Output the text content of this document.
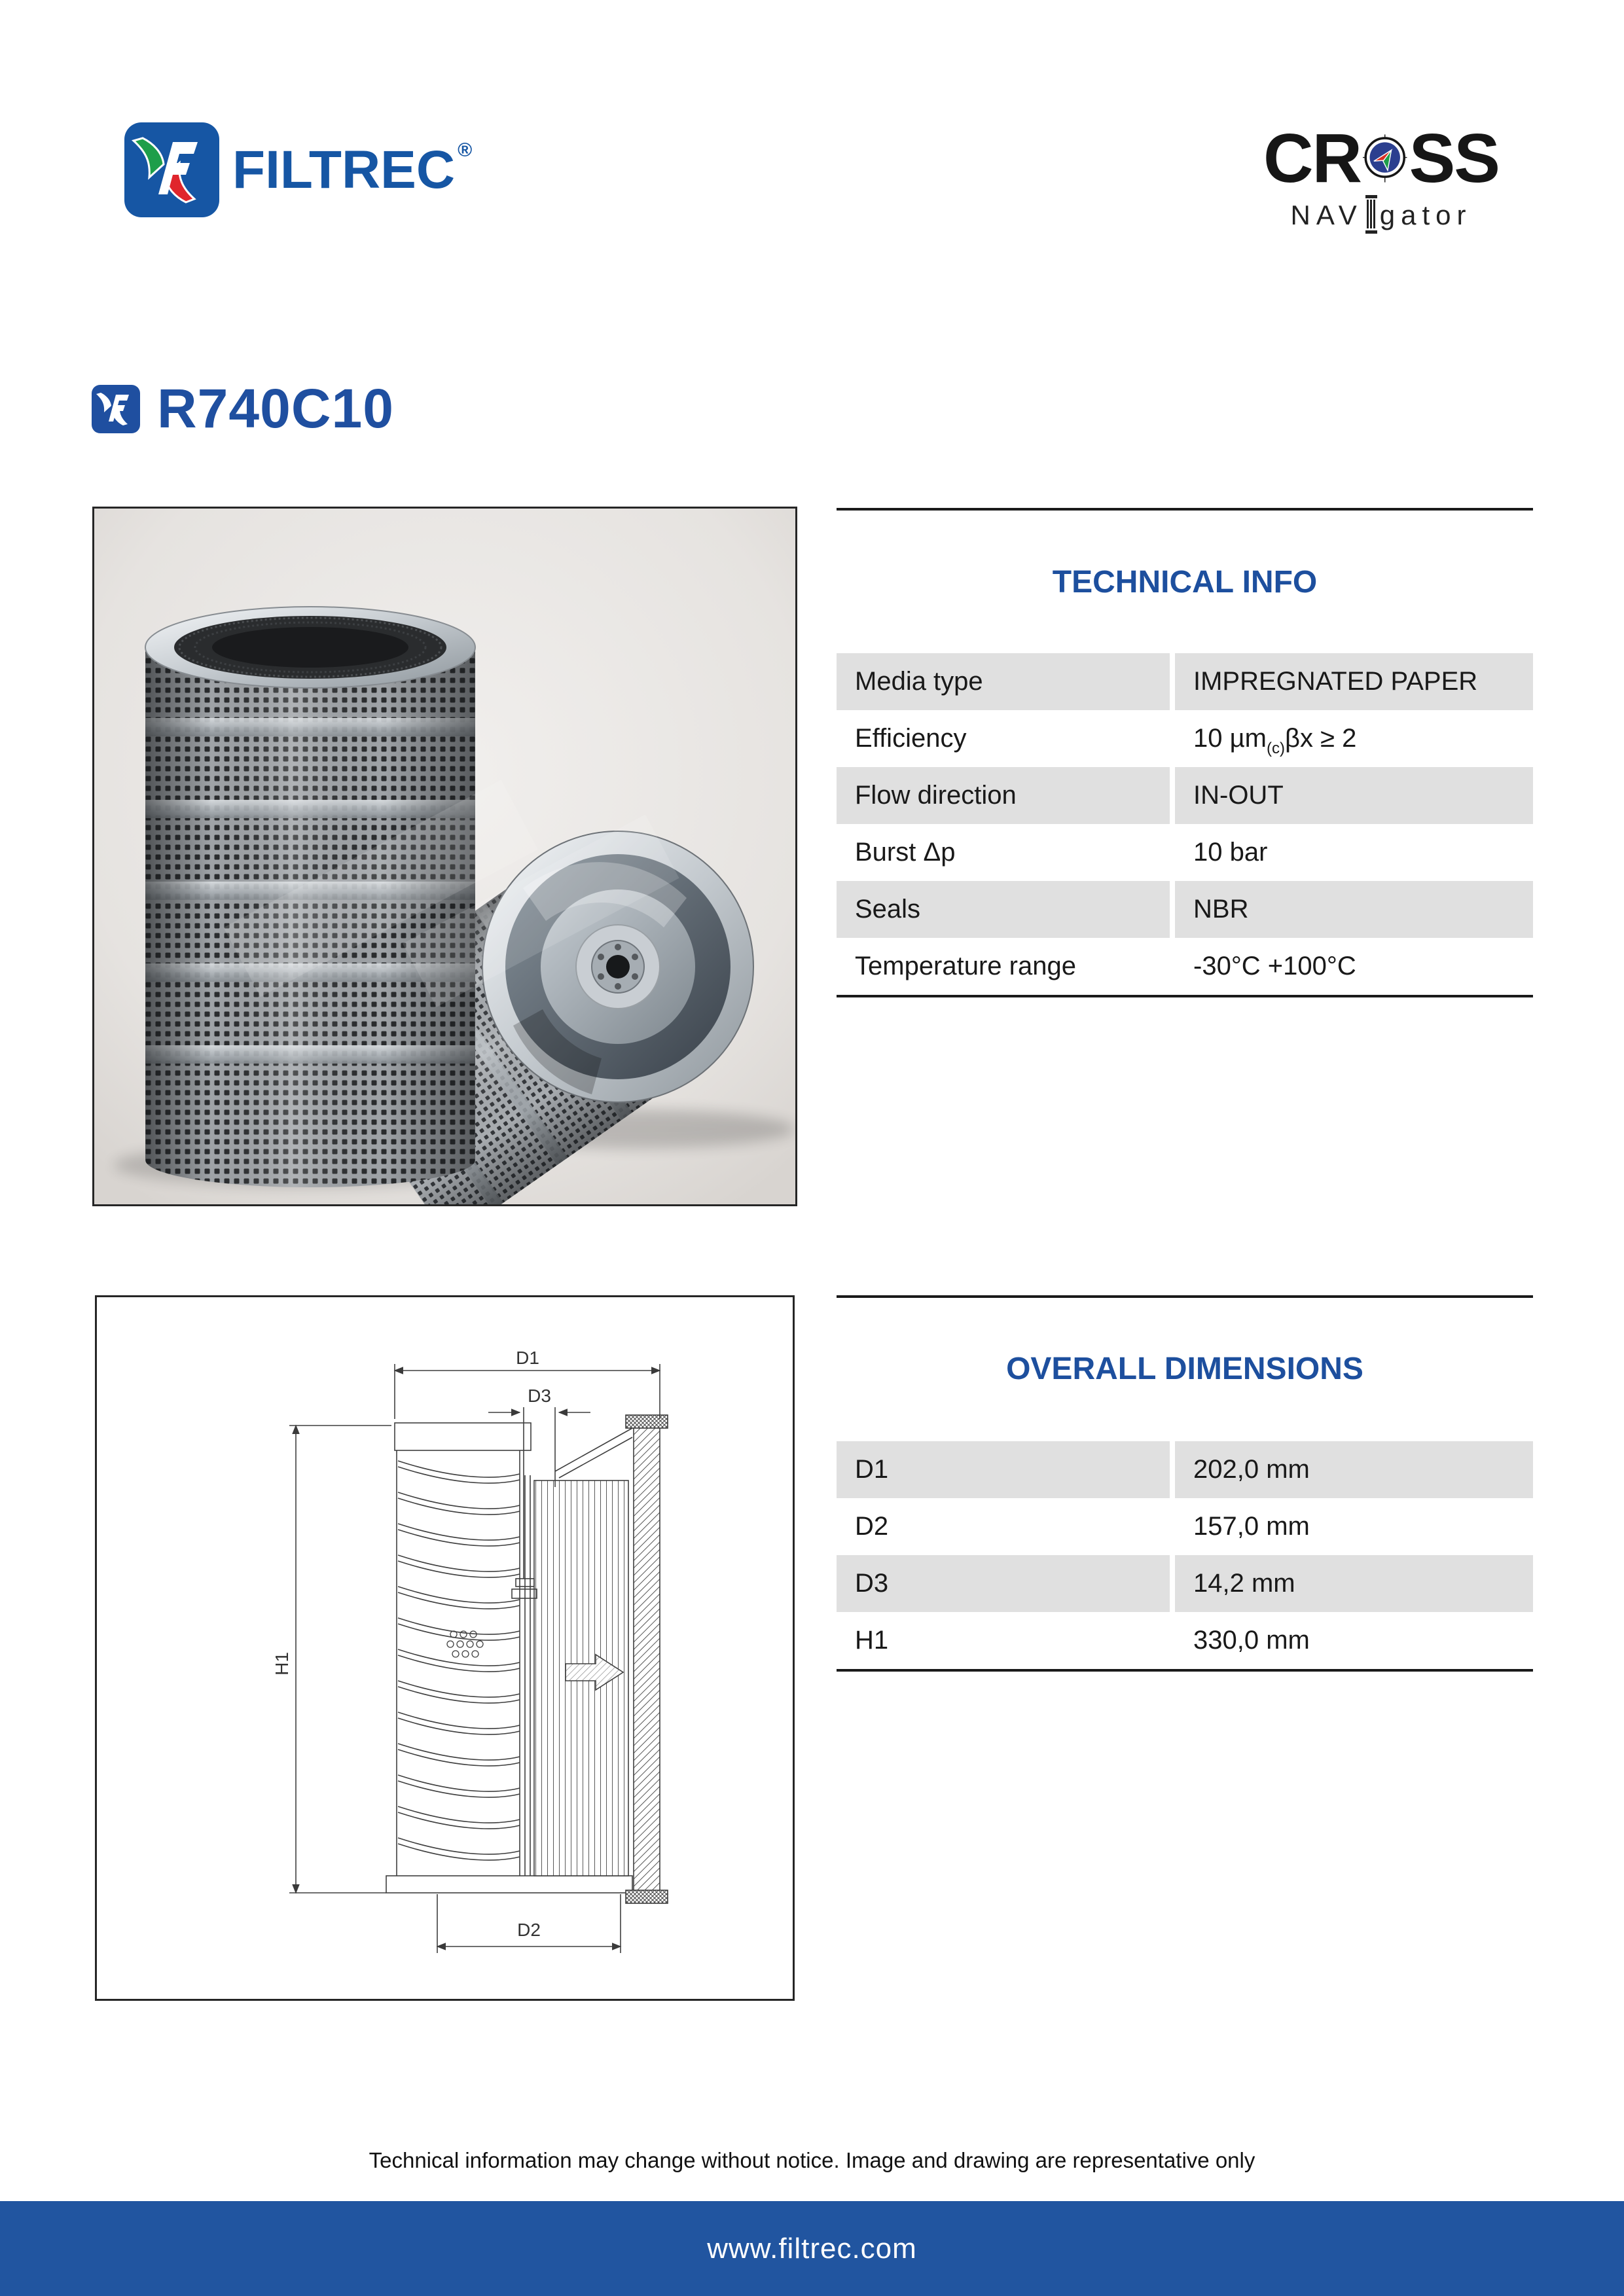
FILTREC ®	CR SS
NAV gator
R740C10
TECHNICAL INFO
Media type	IMPREGNATED PAPER
Efficiency	10 µm (c) βx ≥ 2
Flow direction	IN-OUT
Burst Δp	10 bar
Seals	NBR
Temperature range	-30°C +100°C
D1
D3
H1
D2
OVERALL DIMENSIONS
D1	202,0 mm
D2	157,0 mm
D3	14,2 mm
H1	330,0 mm
Technical information may change without notice. Image and drawing are representative only
www.filtrec.com
